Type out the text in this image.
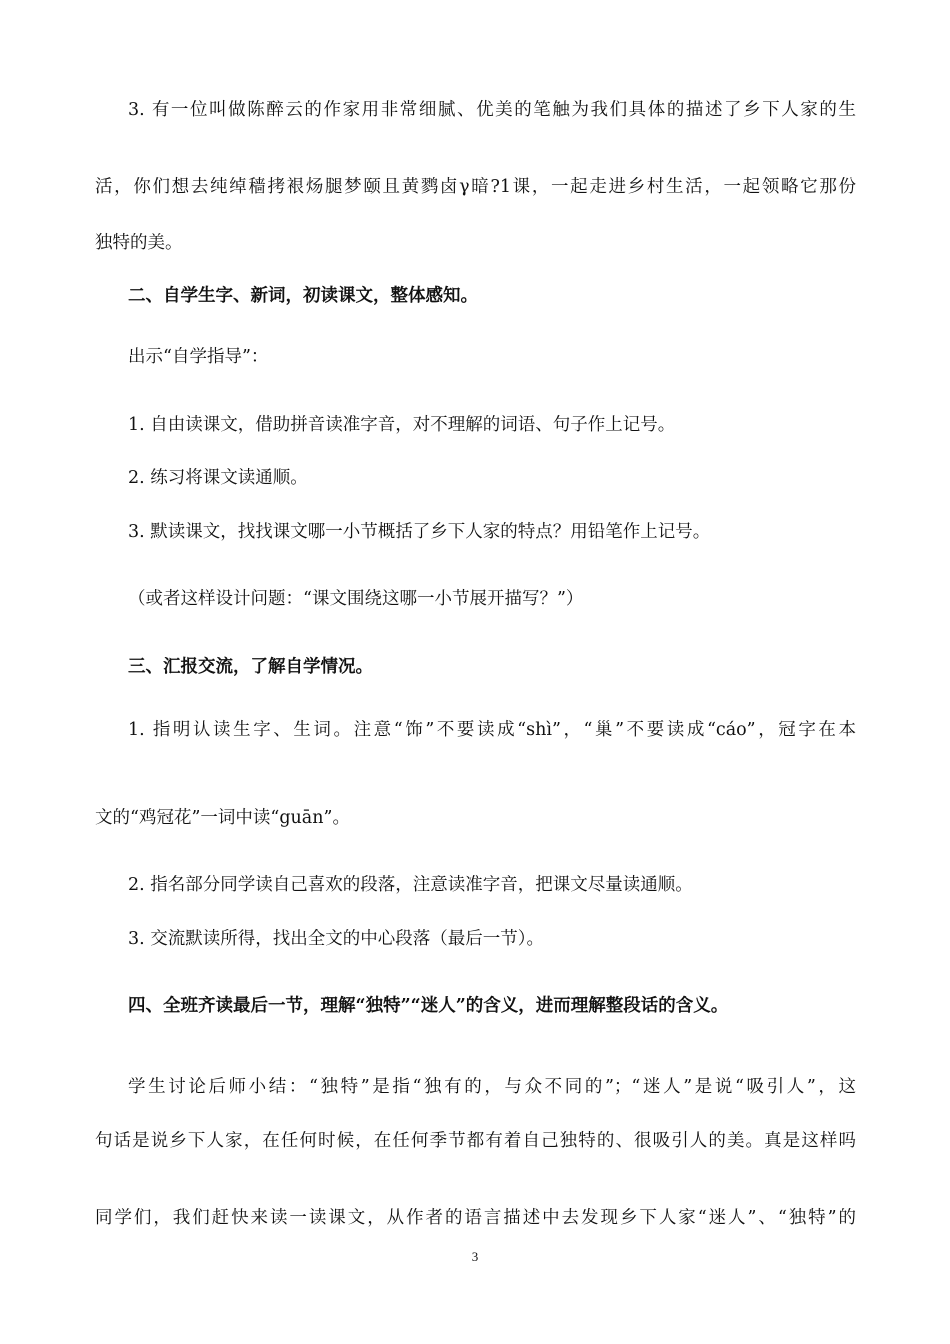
3. 有一位叫做陈醉云的作家用非常细腻、优美的笔触为我们具体的描述了乡下人家的生
活，你们想去纯绰穑拷裉炀腿梦颐且黄鹨卤γ暗?1课，一起走进乡村生活，一起领略它那份
独特的美。
二、自学生字、新词，初读课文，整体感知。
出示“自学指导”：
1. 自由读课文，借助拼音读准字音，对不理解的词语、句子作上记号。
2. 练习将课文读通顺。
3. 默读课文，找找课文哪一小节概括了乡下人家的特点？用铅笔作上记号。
（或者这样设计问题：“课文围绕这哪一小节展开描写？”）
三、汇报交流，了解自学情况。
1. 指明认读生字、生词。注意“饰”不要读成“shì”，“巢”不要读成“cáo”，冠字在本
文的“鸡冠花”一词中读“guān”。
2. 指名部分同学读自己喜欢的段落，注意读准字音，把课文尽量读通顺。
3. 交流默读所得，找出全文的中心段落（最后一节）。
四、全班齐读最后一节，理解“独特”“迷人”的含义，进而理解整段话的含义。
学生讨论后师小结：“独特”是指“独有的，与众不同的”；“迷人”是说“吸引人”，这
句话是说乡下人家，在任何时候，在任何季节都有着自己独特的、很吸引人的美。真是这样吗
同学们，我们赶快来读一读课文，从作者的语言描述中去发现乡下人家“迷人”、“独特”的
3
